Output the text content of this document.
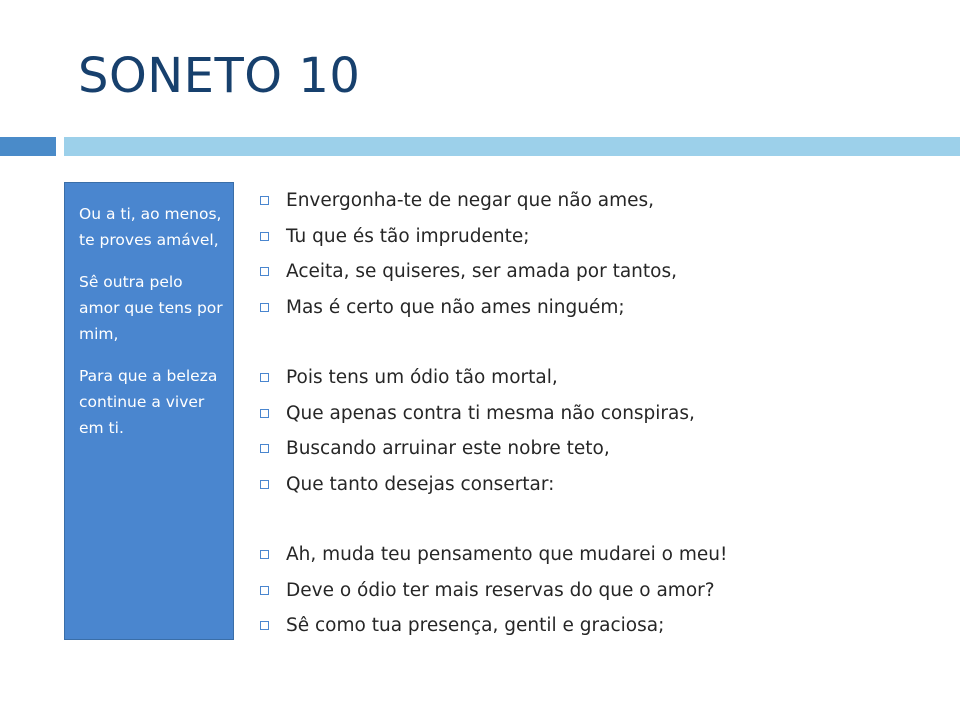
SONETO 10

Ou a ti, ao menos, te proves amável,

Sê outra pelo amor que tens por mim,

Para que a beleza continue a viver em ti.

Envergonha-te de negar que não ames,
Tu que és tão imprudente;
Aceita, se quiseres, ser amada por tantos,
Mas é certo que não ames ninguém;
Pois tens um ódio tão mortal,
Que apenas contra ti mesma não conspiras,
Buscando arruinar este nobre teto,
Que tanto desejas consertar:
Ah, muda teu pensamento que mudarei o meu!
Deve o ódio ter mais reservas do que o amor?
Sê como tua presença, gentil e graciosa;
